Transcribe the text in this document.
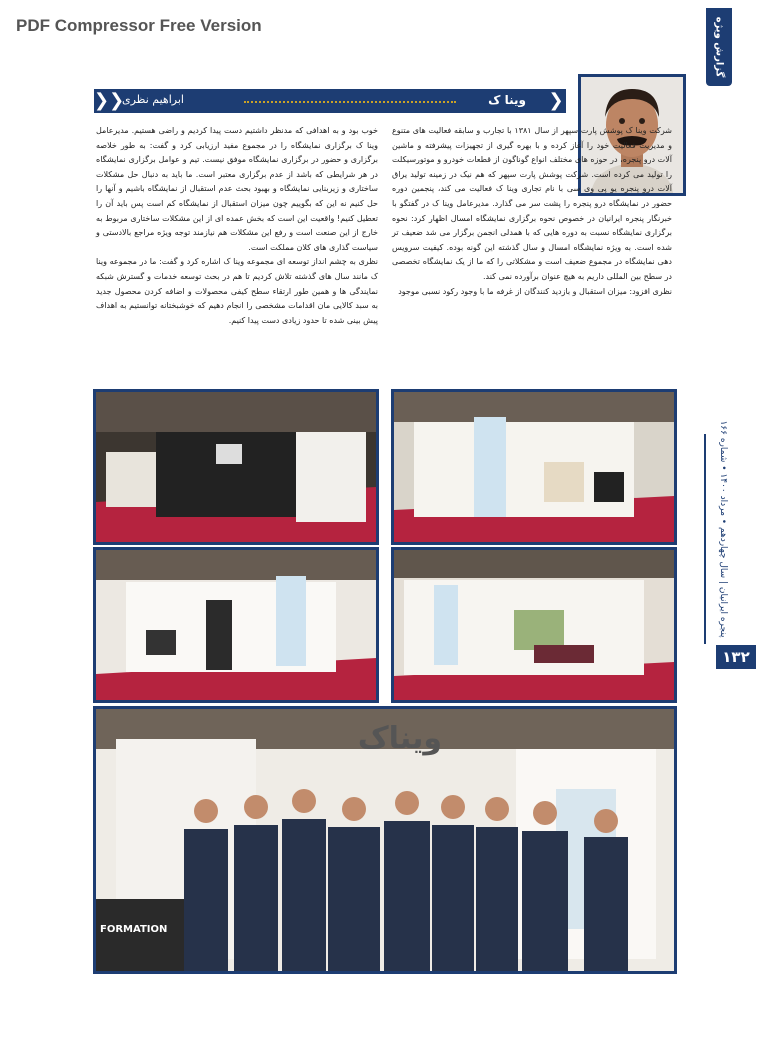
PDF Compressor Free Version	گزارش ویژه
❯
❯❯	وینا ک
ابراهیم نظری

شرکت وینا ک پوشش پارت سپهر از سال ۱۳۸۱ با تجارب و سابقه فعالیت های متنوع و مدیریت فعالیت خود را آغاز کرده و با بهره گیری از تجهیزات پیشرفته و ماشین آلات درو پنجره، در حوزه های مختلف انواع گوناگون از قطعات خودرو و موتورسیکلت را تولید می کرده است. شرکت پوشش پارت سپهر که هم نیک در زمینه تولید یراق آلات درو پنجره یو پی وی سی با نام تجاری وینا ک فعالیت می کند، پنجمین دوره حضور در نمایشگاه درو پنجره را پشت سر می گذارد. مدیرعامل وینا ک در گفتگو با خبرنگار پنجره ایرانیان در خصوص نحوه برگزاری نمایشگاه امسال اظهار کرد: نحوه برگزاری نمایشگاه نسبت به دوره هایی که با همدلی انجمن برگزار می شد ضعیف تر شده است. به ویژه نمایشگاه امسال و سال گذشته این گونه بوده. کیفیت سرویس دهی نمایشگاه در مجموع ضعیف است و مشکلاتی را که ما از یک نمایشگاه تخصصی در سطح بین المللی داریم به هیچ عنوان برآورده نمی کند.

نظری افزود: میزان استقبال و بازدید کنندگان از غرفه ما با وجود رکود نسبی موجود

خوب بود و به اهدافی که مدنظر داشتیم دست پیدا کردیم و راضی هستیم. مدیرعامل وینا ک برگزاری نمایشگاه را در مجموع مفید ارزیابی کرد و گفت: به طور خلاصه برگزاری و حضور در برگزاری نمایشگاه موفق نیست. تیم و عوامل برگزاری نمایشگاه در هر شرایطی که باشد از عدم برگزاری معتبر است. ما باید به دنبال حل مشکلات ساختاری و زیربنایی نمایشگاه و بهبود بحث عدم استقبال از نمایشگاه باشیم و آنها را حل کنیم نه این که بگوییم چون میزان استقبال از نمایشگاه کم است پس باید آن را تعطیل کنیم! واقعیت این است که بخش عمده ای از این مشکلات ساختاری مربوط به خارج از این صنعت است و رفع این مشکلات هم نیازمند توجه ویژه مراجع بالادستی و سیاست گذاری های کلان مملکت است.

نظری به چشم انداز توسعه ای مجموعه وینا ک اشاره کرد و گفت: ما در مجموعه وینا ک مانند سال های گذشته تلاش کردیم تا هم در بحث توسعه خدمات و گسترش شبکه نمایندگی ها و همین طور ارتقاء سطح کیفی محصولات و اضافه کردن محصول جدید به سبد کالایی مان اقدامات مشخصی را انجام دهیم که خوشبختانه توانستیم به اهداف پیش بینی شده تا حدود زیادی دست پیدا کنیم.

ویناک
FORMATION
پنجره ایرانیان | سال چهاردهم • مرداد ۱۴۰۰ • شماره ۱۶۶
۱۳۲
